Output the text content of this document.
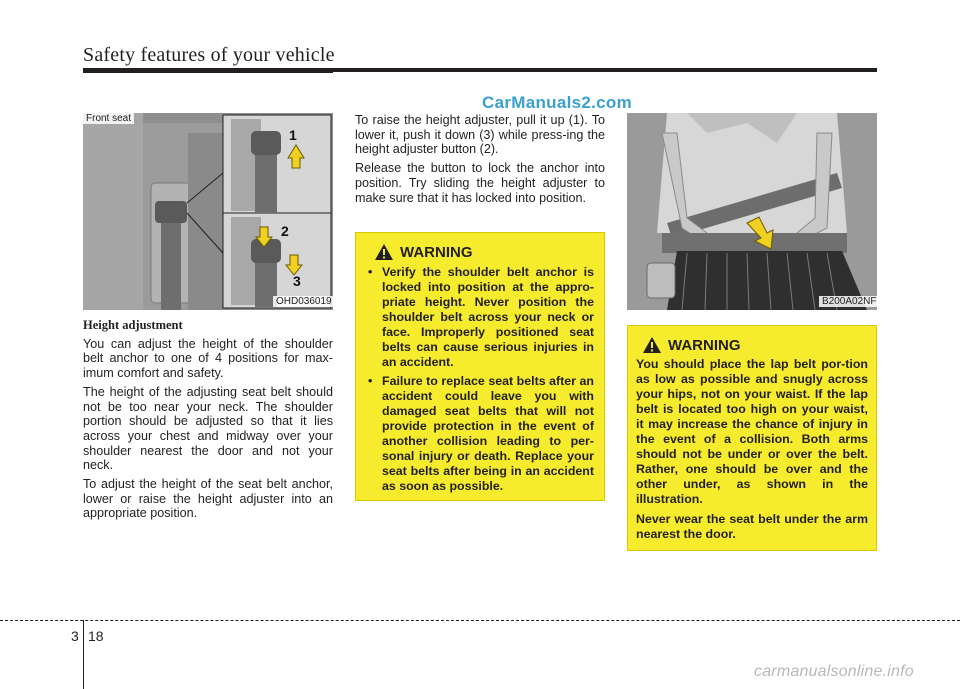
Safety features of your vehicle
CarManuals2.com
Front seat
1
2
3
OHD036019

Height adjustment

You can adjust the height of the shoulder belt anchor to one of 4 positions for max-imum comfort and safety.

The height of the adjusting seat belt should not be too near your neck. The shoulder portion should be adjusted so that it lies across your chest and midway over your shoulder nearest the door and not your neck.

To adjust the height of the seat belt anchor, lower or raise the height adjuster into an appropriate position.

To raise the height adjuster, pull it up (1). To lower it, push it down (3) while press-ing the height adjuster button (2).

Release the button to lock the anchor into position. Try sliding the height adjuster to make sure that it has locked into position.

WARNING
• Verify the shoulder belt anchor is locked into position at the appro-priate height. Never position the shoulder belt across your neck or face. Improperly positioned seat belts can cause serious injuries in an accident.
• Failure to replace seat belts after an accident could leave you with damaged seat belts that will not provide protection in the event of another collision leading to per-sonal injury or death. Replace your seat belts after being in an accident as soon as possible.
B200A02NF
WARNING

You should place the lap belt por-tion as low as possible and snugly across your hips, not on your waist. If the lap belt is located too high on your waist, it may increase the chance of injury in the event of a collision. Both arms should not be under or over the belt. Rather, one should be over and the other under, as shown in the illustration.

Never wear the seat belt under the arm nearest the door.

3 18
carmanualsonline.info
